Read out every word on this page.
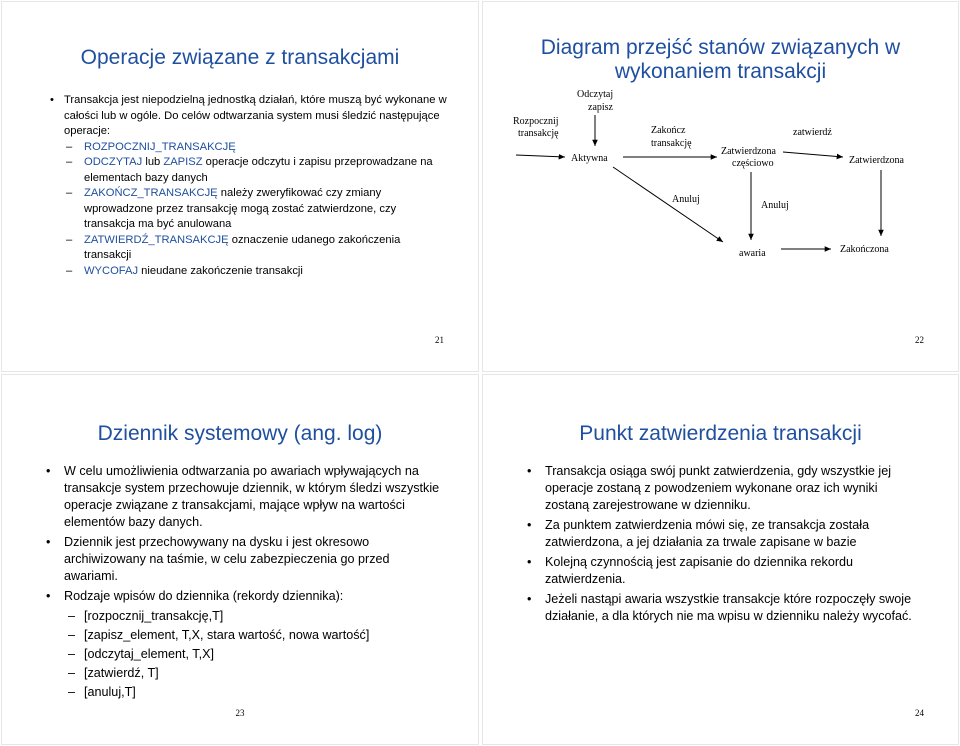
Operacje związane z transakcjami
• Transakcja jest niepodzielną jednostką działań, które muszą być wykonane w całości lub w ogóle. Do celów odtwarzania system musi śledzić następujące operacje:
– ROZPOCZNIJ_TRANSAKCJĘ
– ODCZYTAJ lub ZAPISZ operacje odczytu i zapisu przeprowadzane na elementach bazy danych
– ZAKOŃCZ_TRANSAKCJĘ należy zweryfikować czy zmiany wprowadzone przez transakcję mogą zostać zatwierdzone, czy transakcja ma być anulowana
– ZATWIERDŹ_TRANSAKCJĘ oznaczenie udanego zakończenia transakcji
– WYCOFAJ nieudane zakończenie transakcji
21
Diagram przejść stanów związanych w
wykonaniem transakcji
Rozpocznij
transakcję
Odczytaj
zapisz
Aktywna
Zakończ
transakcję
Zatwierdzona
częściowo
zatwierdź
Zatwierdzona
Anuluj
Anuluj
awaria	Zakończona
22
Dziennik systemowy (ang. log)
• W celu umożliwienia odtwarzania po awariach wpływających na transakcje system przechowuje dziennik, w którym śledzi wszystkie operacje związane z transakcjami, mające wpływ na wartości elementów bazy danych.
• Dziennik jest przechowywany na dysku i jest okresowo archiwizowany na taśmie, w celu zabezpieczenia go przed awariami.
• Rodzaje wpisów do dziennika (rekordy dziennika):
– [rozpocznij_transakcję,T]
– [zapisz_element, T,X, stara wartość, nowa wartość]
– [odczytaj_element, T,X]
– [zatwierdź, T]
– [anuluj,T]
23
Punkt zatwierdzenia transakcji
• Transakcja osiąga swój punkt zatwierdzenia, gdy wszystkie jej operacje zostaną z powodzeniem wykonane oraz ich wyniki zostaną zarejestrowane w dzienniku.
• Za punktem zatwierdzenia mówi się, ze transakcja została zatwierdzona, a jej działania za trwale zapisane w bazie
• Kolejną czynnością jest zapisanie do dziennika rekordu zatwierdzenia.
• Jeżeli nastąpi awaria wszystkie transakcje które rozpoczęły swoje działanie, a dla których nie ma wpisu w dzienniku należy wycofać.
24
